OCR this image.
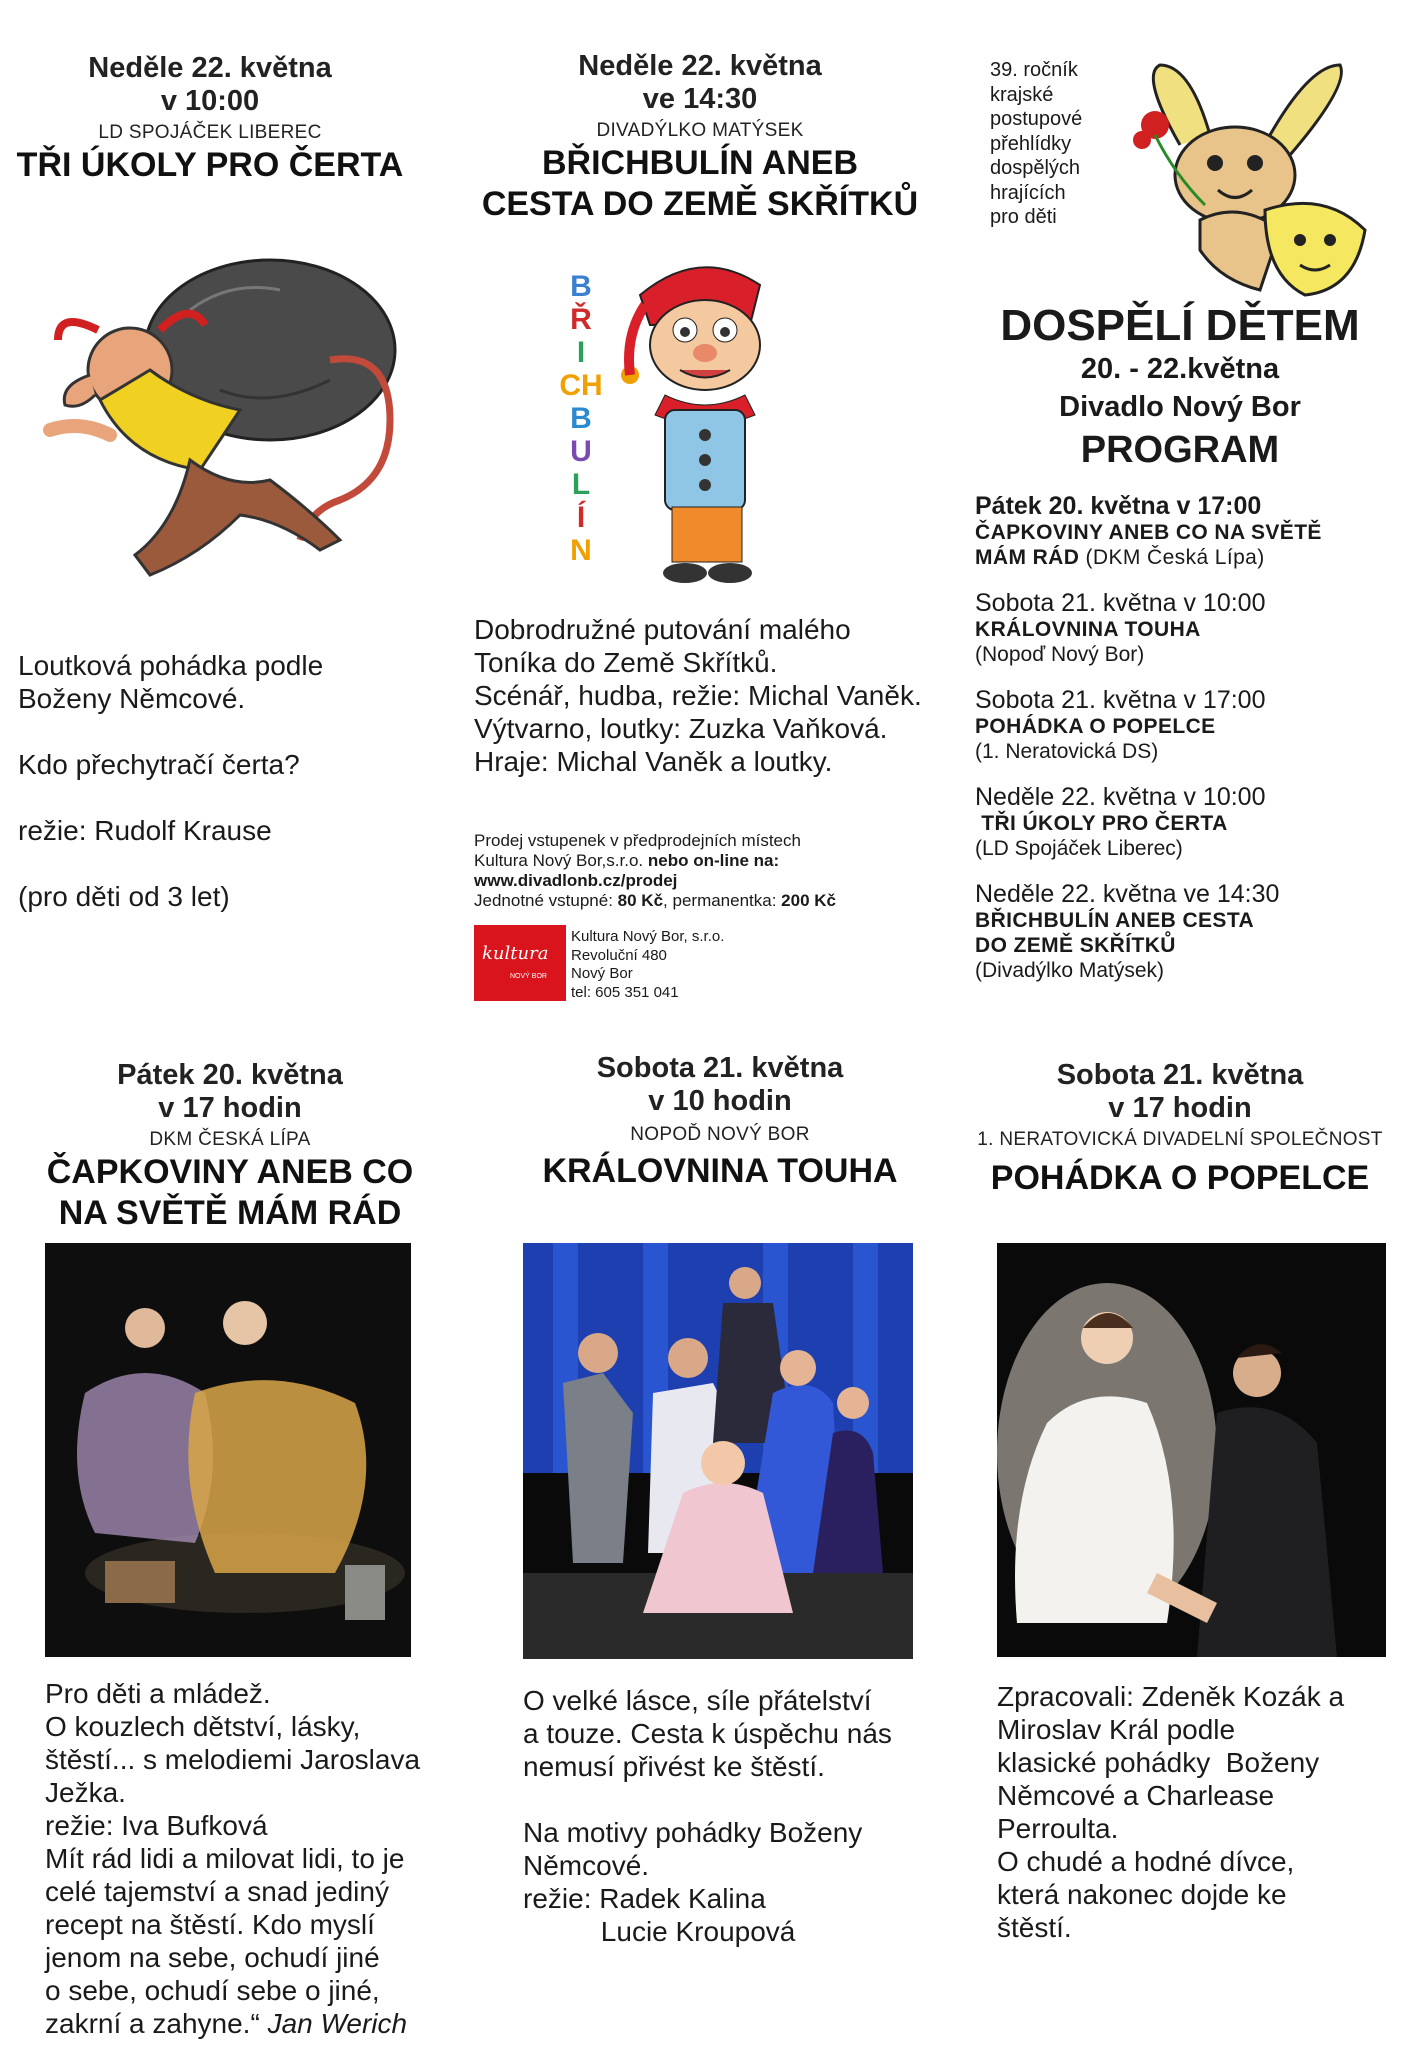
Neděle 22. května
v 10:00
LD SPOJÁČEK LIBEREC
TŘI ÚKOLY PRO ČERTA

Loutková pohádka podle

Boženy Němcové.

Kdo přechytračí čerta?

režie: Rudolf Krause

(pro děti od 3 let)

Neděle 22. května
ve 14:30
DIVADÝLKO MATÝSEK
BŘICHBULÍN ANEB
CESTA DO ZEMĚ SKŘÍTKŮ
B
Ř
I
CH
B
U
L
Í
N

Dobrodružné putování malého

Toníka do Země Skřítků.

Scénář, hudba, režie: Michal Vaněk.

Výtvarno, loutky: Zuzka Vaňková.

Hraje: Michal Vaněk a loutky.

Prodej vstupenek v předprodejních místech
Kultura Nový Bor,s.r.o. nebo on-line na:
www.divadlonb.cz/prodej
Jednotné vstupné: 80 Kč, permanentka: 200 Kč
kultura
NOVÝ BOR
Kultura Nový Bor, s.r.o.
Revoluční 480
Nový Bor
tel: 605 351 041
39. ročník
krajské
postupové
přehlídky
dospělých
hrajících
pro děti
DOSPĚLÍ DĚTEM
20. - 22.května
Divadlo Nový Bor
PROGRAM
Pátek 20. května v 17:00
ČAPKOVINY ANEB CO NA SVĚTĚ
MÁM RÁD (DKM Česká Lípa)
Sobota 21. května v 10:00
KRÁLOVNINA TOUHA
(Nopoď Nový Bor)
Sobota 21. května v 17:00
POHÁDKA O POPELCE
(1. Neratovická DS)
Neděle 22. května v 10:00
TŘI ÚKOLY PRO ČERTA
(LD Spojáček Liberec)
Neděle 22. května ve 14:30
BŘICHBULÍN ANEB CESTA
DO ZEMĚ SKŘÍTKŮ
(Divadýlko Matýsek)
Pátek 20. května
v 17 hodin
DKM ČESKÁ LÍPA
ČAPKOVINY ANEB CO
NA SVĚTĚ MÁM RÁD

Pro děti a mládež.

O kouzlech dětství, lásky,

štěstí... s melodiemi Jaroslava

Ježka.

režie: Iva Bufková

Mít rád lidi a milovat lidi, to je

celé tajemství a snad jediný

recept na štěstí. Kdo myslí

jenom na sebe, ochudí jiné

o sebe, ochudí sebe o jiné,

zakrní a zahyne.“ Jan Werich

Sobota 21. května
v 10 hodin
NOPOĎ NOVÝ BOR
KRÁLOVNINA TOUHA

O velké lásce, síle přátelství

a touze. Cesta k úspěchu nás

nemusí přivést ke štěstí.

Na motivy pohádky Boženy

Němcové.

režie: Radek Kalina

Lucie Kroupová

Sobota 21. května
v 17 hodin
1. NERATOVICKÁ DIVADELNÍ SPOLEČNOST
POHÁDKA O POPELCE

Zpracovali: Zdeněk Kozák a

Miroslav Král podle

klasické pohádky  Boženy

Němcové a Charlease

Perroulta.

O chudé a hodné dívce,

která nakonec dojde ke

štěstí.
